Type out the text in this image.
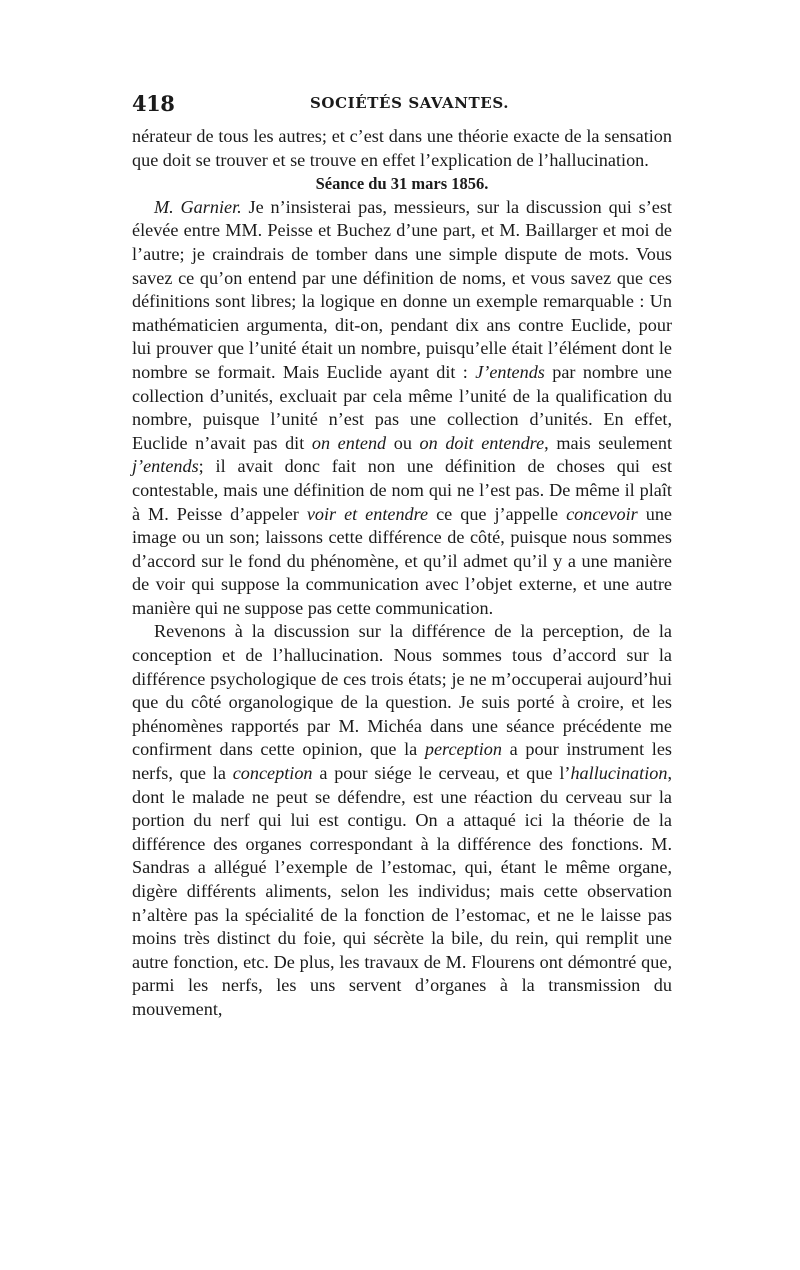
418	SOCIÉTÉS SAVANTES.

nérateur de tous les autres; et c’est dans une théorie exacte de la sensation que doit se trouver et se trouve en effet l’explication de l’hallucination.

Séance du 31 mars 1856.

M. Garnier. Je n’insisterai pas, messieurs, sur la discussion qui s’est élevée entre MM. Peisse et Buchez d’une part, et M. Baillarger et moi de l’autre; je craindrais de tomber dans une simple dispute de mots. Vous savez ce qu’on entend par une définition de noms, et vous savez que ces définitions sont libres; la logique en donne un exemple remarquable : Un mathématicien argumenta, dit-on, pendant dix ans contre Euclide, pour lui prouver que l’unité était un nombre, puisqu’elle était l’élément dont le nombre se formait. Mais Euclide ayant dit : J’entends par nombre une collection d’unités, excluait par cela même l’unité de la qualification du nombre, puisque l’unité n’est pas une collection d’unités. En effet, Euclide n’avait pas dit on entend ou on doit entendre, mais seulement j’entends; il avait donc fait non une définition de choses qui est contestable, mais une définition de nom qui ne l’est pas. De même il plaît à M. Peisse d’appeler voir et entendre ce que j’appelle concevoir une image ou un son; laissons cette différence de côté, puisque nous sommes d’accord sur le fond du phénomène, et qu’il admet qu’il y a une manière de voir qui suppose la communication avec l’objet externe, et une autre manière qui ne suppose pas cette communication.

Revenons à la discussion sur la différence de la perception, de la conception et de l’hallucination. Nous sommes tous d’accord sur la différence psychologique de ces trois états; je ne m’occuperai aujourd’hui que du côté organologique de la question. Je suis porté à croire, et les phénomènes rapportés par M. Michéa dans une séance précédente me confirment dans cette opinion, que la perception a pour instrument les nerfs, que la conception a pour siége le cerveau, et que l’hallucination, dont le malade ne peut se défendre, est une réaction du cerveau sur la portion du nerf qui lui est contigu. On a attaqué ici la théorie de la différence des organes correspondant à la différence des fonctions. M. Sandras a allégué l’exemple de l’estomac, qui, étant le même organe, digère différents aliments, selon les individus; mais cette observation n’altère pas la spécialité de la fonction de l’estomac, et ne le laisse pas moins très distinct du foie, qui sécrète la bile, du rein, qui remplit une autre fonction, etc. De plus, les travaux de M. Flourens ont démontré que, parmi les nerfs, les uns servent d’organes à la transmission du mouvement,
